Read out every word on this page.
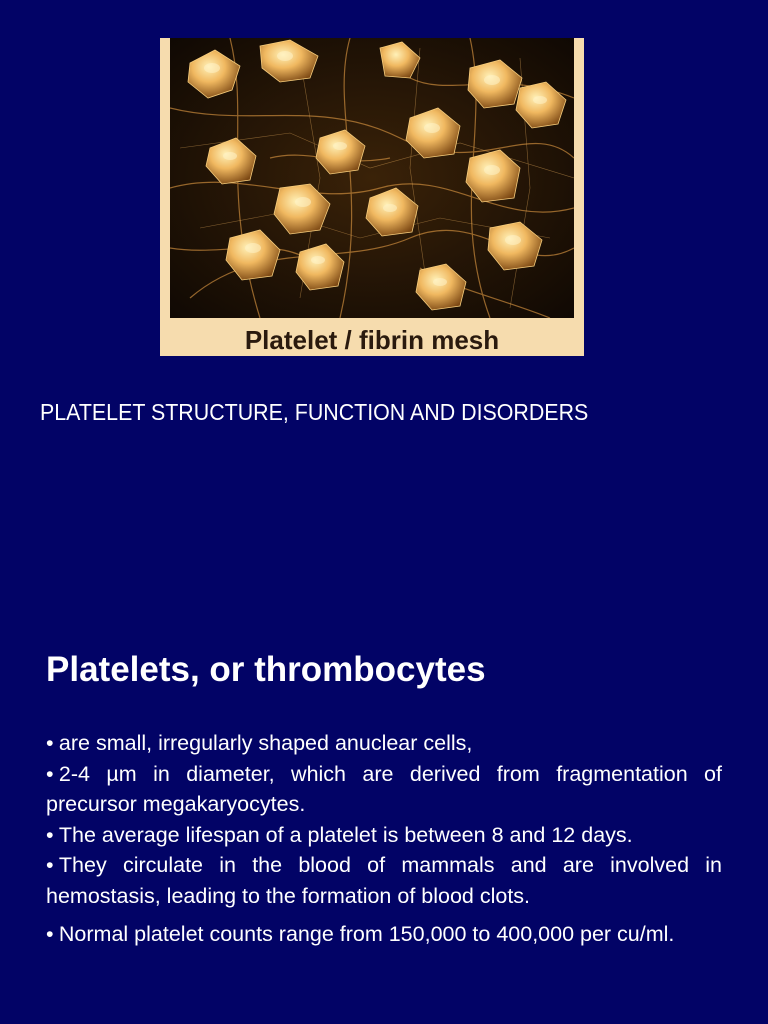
Platelet / fibrin mesh
PLATELET STRUCTURE, FUNCTION AND DISORDERS
Platelets, or thrombocytes
• are small, irregularly shaped anuclear cells,
• 2-4 µm in diameter, which are derived from fragmentation of precursor megakaryocytes.
• The average lifespan of a platelet is between 8 and 12 days.
• They circulate in the blood of mammals and are involved in hemostasis, leading to the formation of blood clots.
• Normal platelet counts range from 150,000 to 400,000 per cu/ml.
